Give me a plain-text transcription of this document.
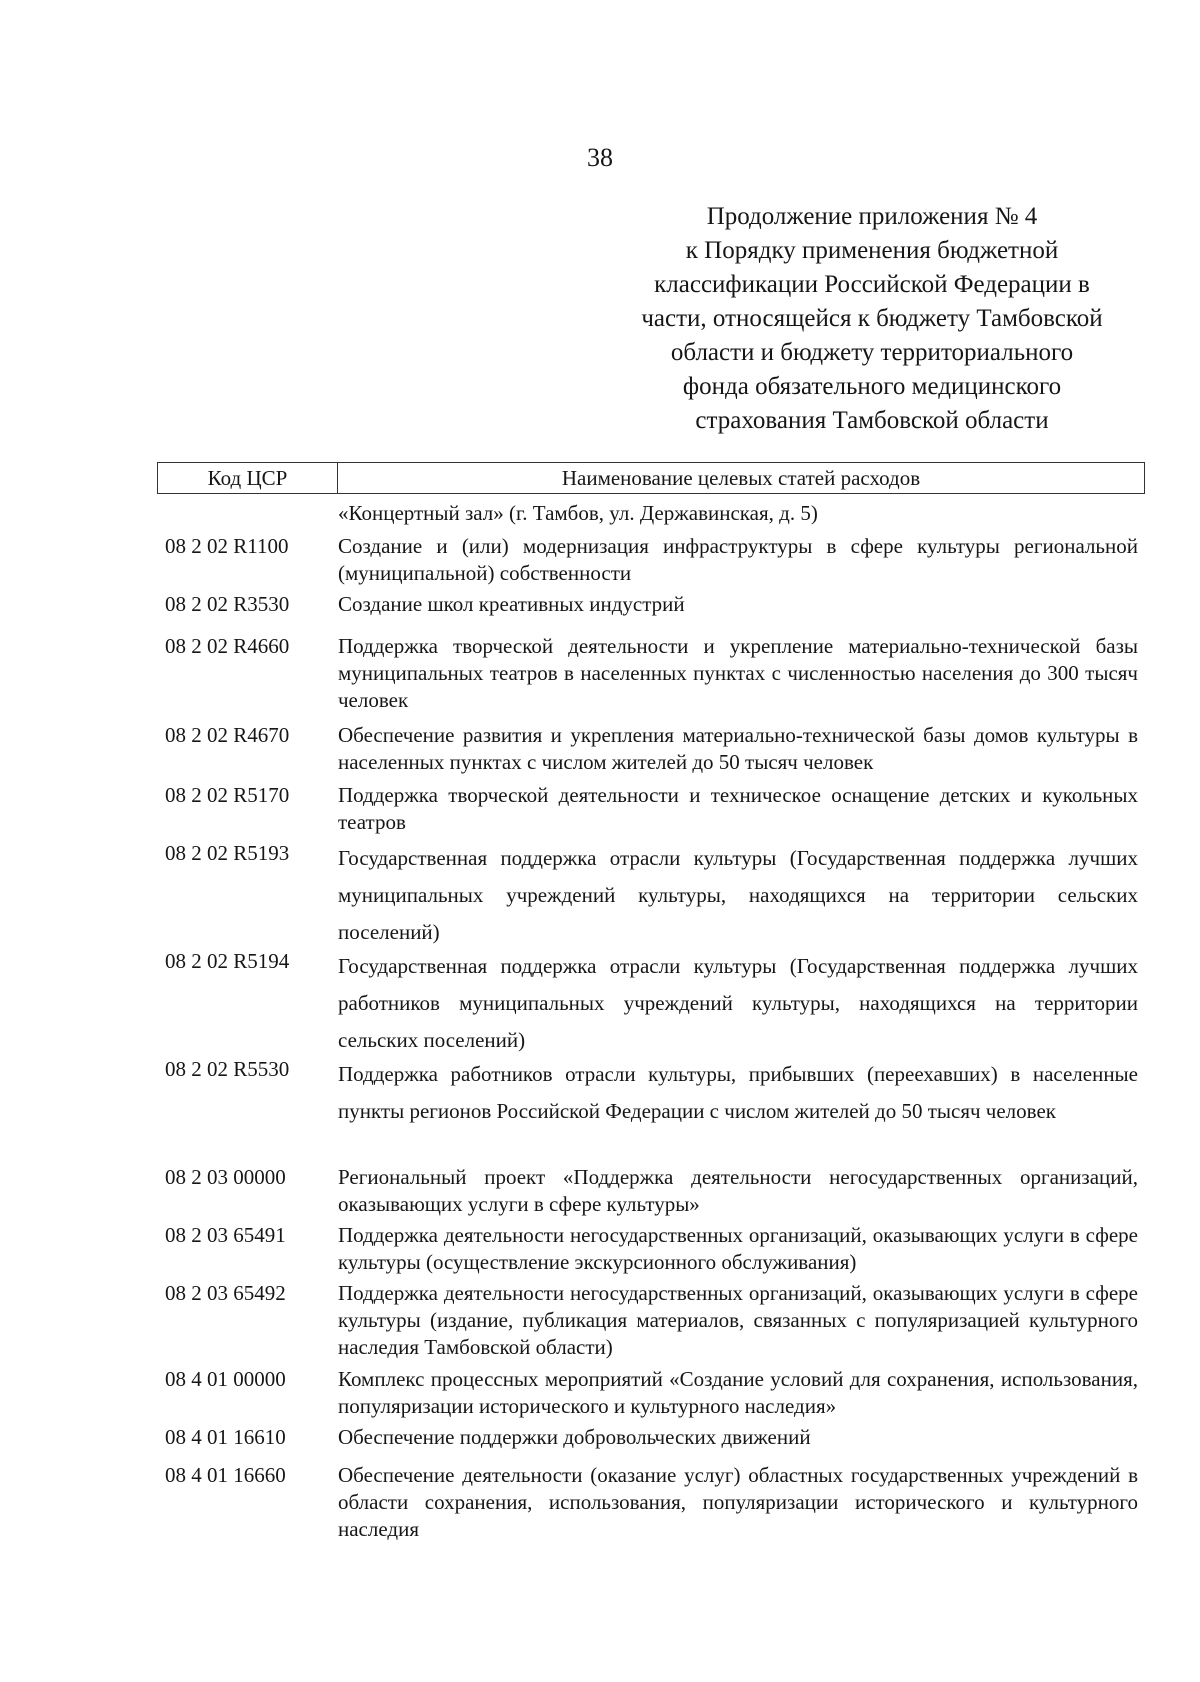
38
Продолжение приложения № 4
к Порядку применения бюджетной
классификации Российской Федерации в
части, относящейся к бюджету Тамбовской
области и бюджету территориального
фонда обязательного медицинского
страхования Тамбовской области
Код ЦСР	Наименование целевых статей расходов
«Концертный зал» (г. Тамбов, ул. Державинская, д. 5)
08 2 02 R1100	Создание и (или) модернизация инфраструктуры в сфере культуры региональной (муниципальной) собственности
08 2 02 R3530	Создание школ креативных индустрий
08 2 02 R4660	Поддержка творческой деятельности и укрепление материально-технической базы муниципальных театров в населенных пунктах с численностью населения до 300 тысяч человек
08 2 02 R4670	Обеспечение развития и укрепления материально-технической базы домов культуры в населенных пунктах с числом жителей до 50 тысяч человек
08 2 02 R5170	Поддержка творческой деятельности и техническое оснащение детских и кукольных театров
08 2 02 R5193	Государственная поддержка отрасли культуры (Государственная поддержка лучших муниципальных учреждений культуры, находящихся на территории сельских поселений)
08 2 02 R5194	Государственная поддержка отрасли культуры (Государственная поддержка лучших работников муниципальных учреждений культуры, находящихся на территории сельских поселений)
08 2 02 R5530	Поддержка работников отрасли культуры, прибывших (переехавших) в населенные пункты регионов Российской Федерации с числом жителей до 50 тысяч человек
08 2 03 00000	Региональный проект «Поддержка деятельности негосударственных организаций, оказывающих услуги в сфере культуры»
08 2 03 65491	Поддержка деятельности негосударственных организаций, оказывающих услуги в сфере культуры (осуществление экскурсионного обслуживания)
08 2 03 65492	Поддержка деятельности негосударственных организаций, оказывающих услуги в сфере культуры (издание, публикация материалов, связанных с популяризацией культурного наследия Тамбовской области)
08 4 01 00000	Комплекс процессных мероприятий «Создание условий для сохранения, использования, популяризации исторического и культурного наследия»
08 4 01 16610	Обеспечение поддержки добровольческих движений
08 4 01 16660	Обеспечение деятельности (оказание услуг) областных государственных учреждений в области сохранения, использования, популяризации исторического и культурного наследия
